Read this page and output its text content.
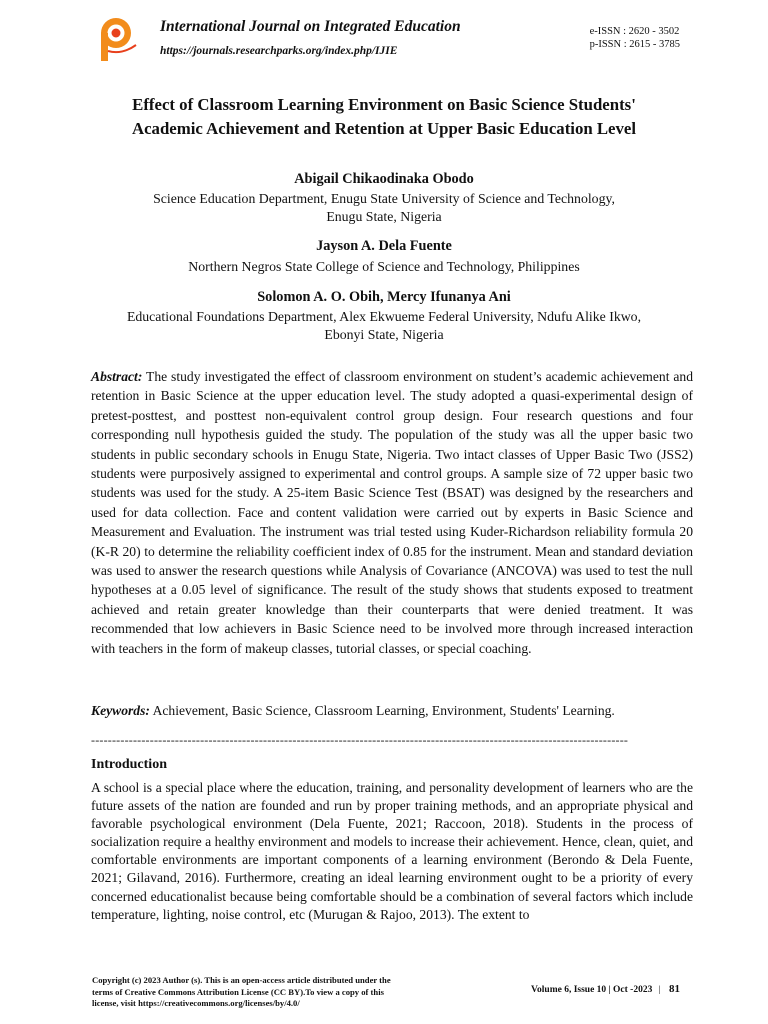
International Journal on Integrated Education
https://journals.researchparks.org/index.php/IJIE
e-ISSN : 2620 - 3502
p-ISSN : 2615 - 3785
Effect of Classroom Learning Environment on Basic Science Students'
Academic Achievement and Retention at Upper Basic Education Level
Abigail Chikaodinaka Obodo
Science Education Department, Enugu State University of Science and Technology,
Enugu State, Nigeria
Jayson A. Dela Fuente
Northern Negros State College of Science and Technology, Philippines
Solomon A. O. Obih, Mercy Ifunanya Ani
Educational Foundations Department, Alex Ekwueme Federal University, Ndufu Alike Ikwo,
Ebonyi State, Nigeria
Abstract: The study investigated the effect of classroom environment on student’s academic achievement and retention in Basic Science at the upper education level. The study adopted a quasi-experimental design of pretest-posttest, and posttest non-equivalent control group design. Four research questions and four corresponding null hypothesis guided the study. The population of the study was all the upper basic two students in public secondary schools in Enugu State, Nigeria. Two intact classes of Upper Basic Two (JSS2) students were purposively assigned to experimental and control groups. A sample size of 72 upper basic two students was used for the study. A 25-item Basic Science Test (BSAT) was designed by the researchers and used for data collection. Face and content validation were carried out by experts in Basic Science and Measurement and Evaluation. The instrument was trial tested using Kuder-Richardson reliability formula 20 (K-R 20) to determine the reliability coefficient index of 0.85 for the instrument. Mean and standard deviation was used to answer the research questions while Analysis of Covariance (ANCOVA) was used to test the null hypotheses at a 0.05 level of significance. The result of the study shows that students exposed to treatment achieved and retain greater knowledge than their counterparts that were denied treatment. It was recommended that low achievers in Basic Science need to be involved more through increased interaction with teachers in the form of makeup classes, tutorial classes, or special coaching.
Keywords: Achievement, Basic Science, Classroom Learning, Environment, Students' Learning.
--------------------------------------------------------------------------------------------------------------------------------
Introduction
A school is a special place where the education, training, and personality development of learners who are the future assets of the nation are founded and run by proper training methods, and an appropriate physical and favorable psychological environment (Dela Fuente, 2021; Raccoon, 2018). Students in the process of socialization require a healthy environment and models to increase their achievement. Hence, clean, quiet, and comfortable environments are important components of a learning environment (Berondo & Dela Fuente, 2021; Gilavand, 2016). Furthermore, creating an ideal learning environment ought to be a priority of every concerned educationalist because being comfortable should be a combination of several factors which include temperature, lighting, noise control, etc (Murugan & Rajoo, 2013). The extent to
Copyright (c) 2023 Author (s). This is an open-access article distributed under the
terms of Creative Commons Attribution License (CC BY).To view a copy of this
license, visit https://creativecommons.org/licenses/by/4.0/
Volume 6, Issue 10 | Oct -2023 | 81
